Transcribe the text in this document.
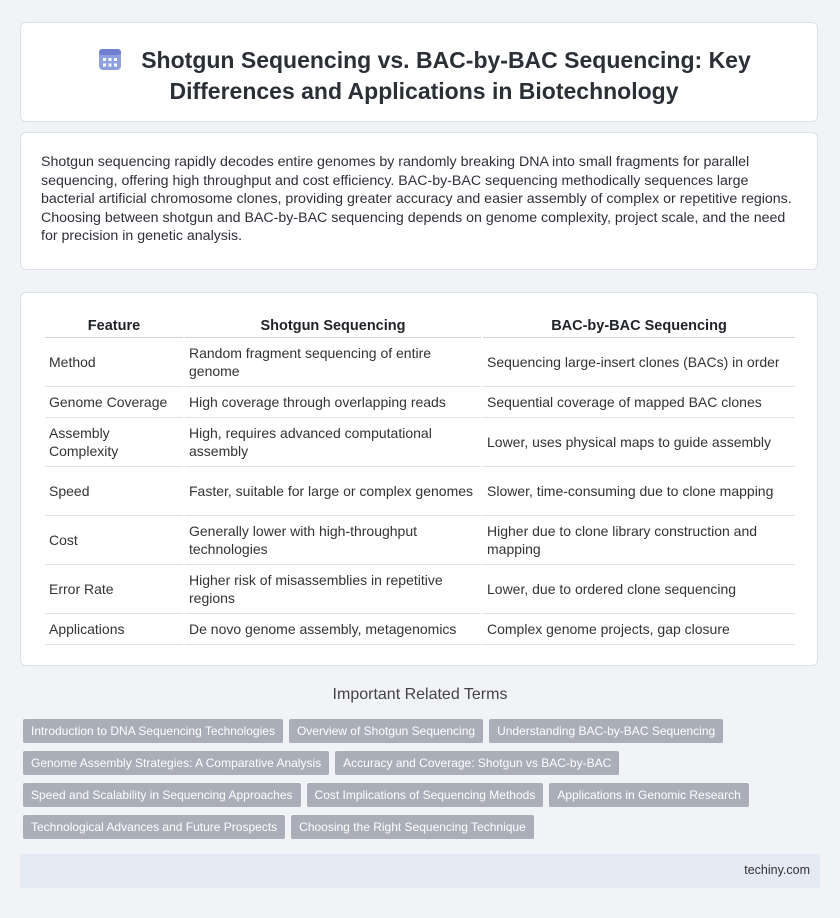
Shotgun Sequencing vs. BAC-by-BAC Sequencing: Key Differences and Applications in Biotechnology
Shotgun sequencing rapidly decodes entire genomes by randomly breaking DNA into small fragments for parallel sequencing, offering high throughput and cost efficiency. BAC-by-BAC sequencing methodically sequences large bacterial artificial chromosome clones, providing greater accuracy and easier assembly of complex or repetitive regions. Choosing between shotgun and BAC-by-BAC sequencing depends on genome complexity, project scale, and the need for precision in genetic analysis.
Feature	Shotgun Sequencing	BAC-by-BAC Sequencing
Method	Random fragment sequencing of entire genome	Sequencing large-insert clones (BACs) in order
Genome Coverage	High coverage through overlapping reads	Sequential coverage of mapped BAC clones
Assembly Complexity	High, requires advanced computational assembly	Lower, uses physical maps to guide assembly
Speed	Faster, suitable for large or complex genomes	Slower, time-consuming due to clone mapping
Cost	Generally lower with high-throughput technologies	Higher due to clone library construction and mapping
Error Rate	Higher risk of misassemblies in repetitive regions	Lower, due to ordered clone sequencing
Applications	De novo genome assembly, metagenomics	Complex genome projects, gap closure
Important Related Terms
Introduction to DNA Sequencing Technologies	Overview of Shotgun Sequencing	Understanding BAC-by-BAC Sequencing
Genome Assembly Strategies: A Comparative Analysis	Accuracy and Coverage: Shotgun vs BAC-by-BAC
Speed and Scalability in Sequencing Approaches	Cost Implications of Sequencing Methods	Applications in Genomic Research
Technological Advances and Future Prospects	Choosing the Right Sequencing Technique
techiny.com
